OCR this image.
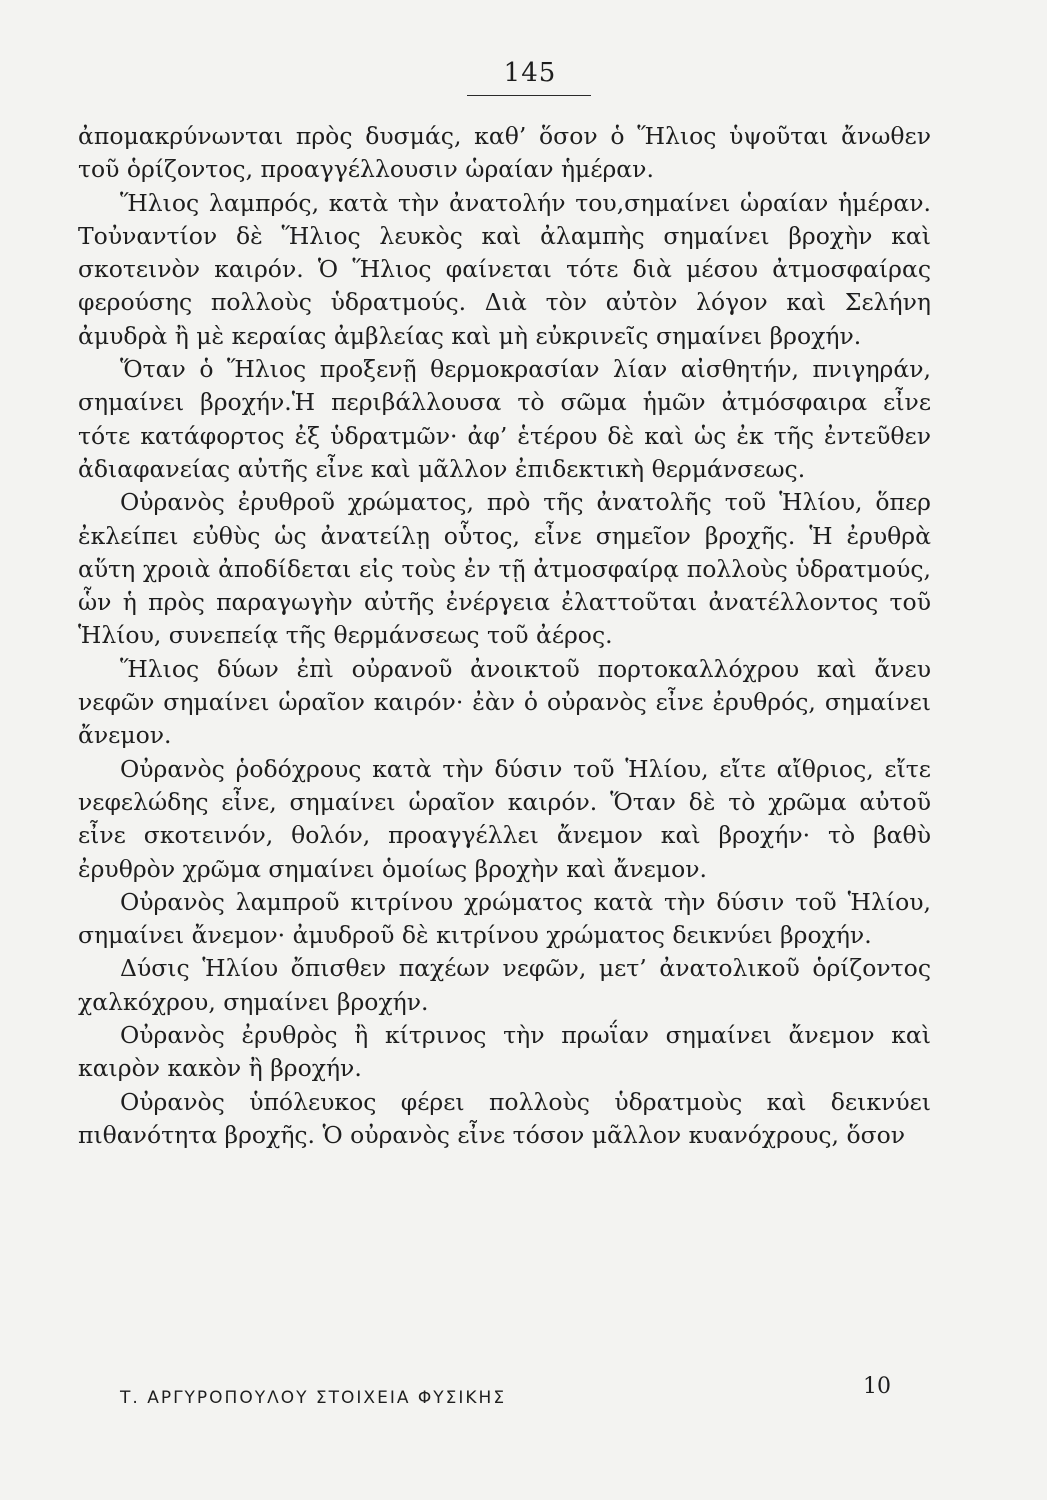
145

ἀπομακρύνωνται πρὸς δυσμάς, καθ’ ὅσον ὁ Ἥλιος ὑψοῦται ἄνωθεν τοῦ ὁρίζοντος, προαγγέλλουσιν ὡραίαν ἡμέραν.

Ἥλιος λαμπρός, κατὰ τὴν ἀνατολήν του,σημαίνει ὡραίαν ἡμέραν. Τοὐναντίον δὲ Ἥλιος λευκὸς καὶ ἀλαμπὴς σημαίνει βροχὴν καὶ σκοτεινὸν καιρόν. Ὁ Ἥλιος φαίνεται τότε διὰ μέσου ἀτμοσφαίρας φερούσης πολλοὺς ὑδρατμούς. Διὰ τὸν αὐτὸν λόγον καὶ Σελήνη ἀμυδρὰ ἢ μὲ κεραίας ἀμβλείας καὶ μὴ εὐκρινεῖς σημαίνει βροχήν.

Ὅταν ὁ Ἥλιος προξενῇ θερμοκρασίαν λίαν αἰσθητήν, πνιγηράν, σημαίνει βροχήν.Ἡ περιβάλλουσα τὸ σῶμα ἡμῶν ἀτμόσφαιρα εἶνε τότε κατάφορτος ἐξ ὑδρατμῶν· ἀφ’ ἑτέρου δὲ καὶ ὡς ἐκ τῆς ἐντεῦθεν ἀδιαφανείας αὐτῆς εἶνε καὶ μᾶλλον ἐπιδεκτικὴ θερμάνσεως.

Οὐρανὸς ἐρυθροῦ χρώματος, πρὸ τῆς ἀνατολῆς τοῦ Ἡλίου, ὅπερ ἐκλείπει εὐθὺς ὡς ἀνατείλῃ οὗτος, εἶνε σημεῖον βροχῆς. Ἡ ἐρυθρὰ αὕτη χροιὰ ἀποδίδεται εἰς τοὺς ἐν τῇ ἀτμοσφαίρᾳ πολλοὺς ὑδρατμούς, ὧν ἡ πρὸς παραγωγὴν αὐτῆς ἐνέργεια ἐλαττοῦται ἀνατέλλοντος τοῦ Ἡλίου, συνεπείᾳ τῆς θερμάνσεως τοῦ ἀέρος.

Ἥλιος δύων ἐπὶ οὐρανοῦ ἀνοικτοῦ πορτοκαλλόχρου καὶ ἄνευ νεφῶν σημαίνει ὡραῖον καιρόν· ἐὰν ὁ οὐρανὸς εἶνε ἐρυθρός, σημαίνει ἄνεμον.

Οὐρανὸς ῥοδόχρους κατὰ τὴν δύσιν τοῦ Ἡλίου, εἴτε αἴθριος, εἴτε νεφελώδης εἶνε, σημαίνει ὡραῖον καιρόν. Ὅταν δὲ τὸ χρῶμα αὐτοῦ εἶνε σκοτεινόν, θολόν, προαγγέλλει ἄνεμον καὶ βροχήν· τὸ βαθὺ ἐρυθρὸν χρῶμα σημαίνει ὁμοίως βροχὴν καὶ ἄνεμον.

Οὐρανὸς λαμπροῦ κιτρίνου χρώματος κατὰ τὴν δύσιν τοῦ Ἡλίου, σημαίνει ἄνεμον· ἀμυδροῦ δὲ κιτρίνου χρώματος δεικνύει βροχήν.

Δύσις Ἡλίου ὄπισθεν παχέων νεφῶν, μετ’ ἀνατολικοῦ ὁρίζοντος χαλκόχρου, σημαίνει βροχήν.

Οὐρανὸς ἐρυθρὸς ἢ κίτρινος τὴν πρωΐαν σημαίνει ἄνεμον καὶ καιρὸν κακὸν ἢ βροχήν.

Οὐρανὸς ὑπόλευκος φέρει πολλοὺς ὑδρατμοὺς καὶ δεικνύει πιθανότητα βροχῆς. Ὁ οὐρανὸς εἶνε τόσον μᾶλλον κυανόχρους, ὅσον

Τ. ΑΡΓΥΡΟΠΟΥΛΟΥ ΣΤΟΙΧΕΙΑ ΦΥΣΙΚΗΣ	10
